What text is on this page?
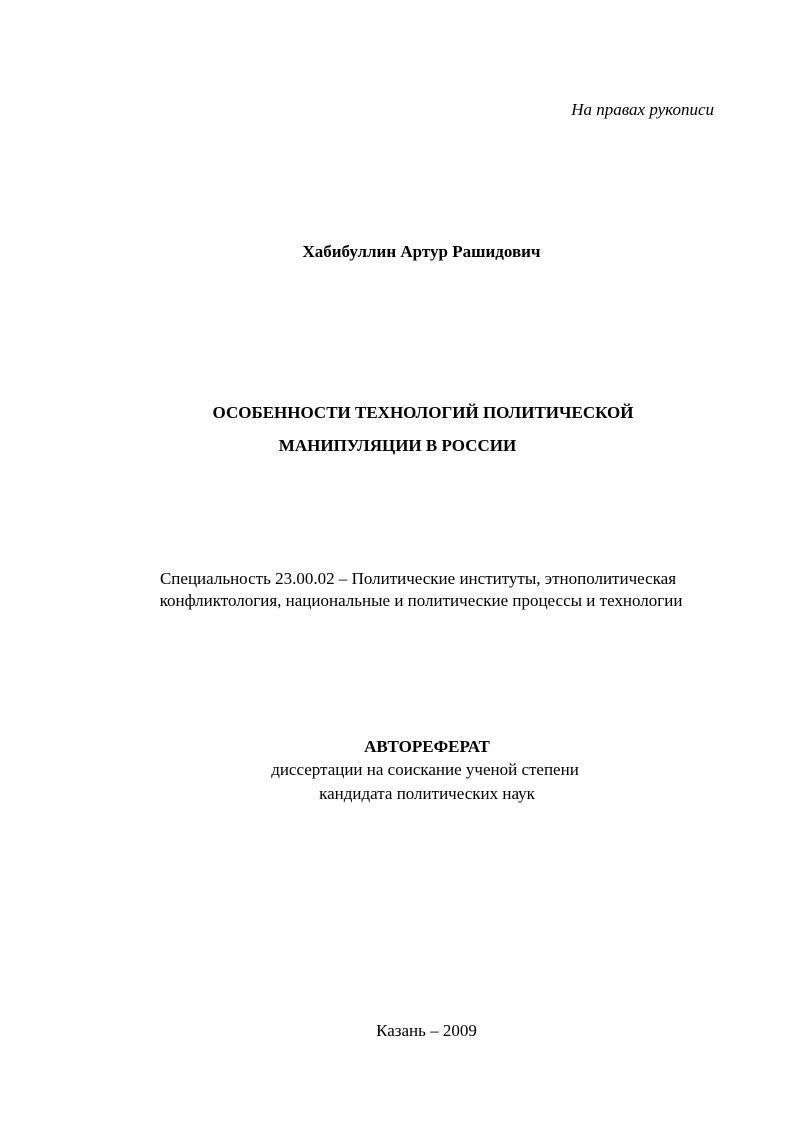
На правах рукописи
Хабибуллин Артур Рашидович
ОСОБЕННОСТИ ТЕХНОЛОГИЙ ПОЛИТИЧЕСКОЙ
МАНИПУЛЯЦИИ В РОССИИ
Специальность 23.00.02 – Политические институты, этнополитическая
конфликтология, национальные и политические процессы и технологии
АВТОРЕФЕРАТ
диссертации на соискание ученой степени
кандидата политических наук
Казань – 2009
